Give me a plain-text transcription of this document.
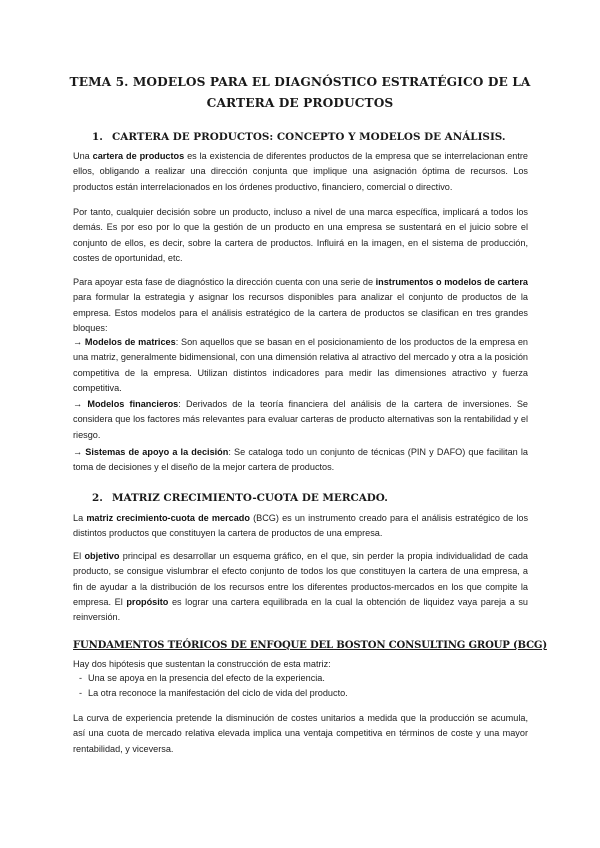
TEMA 5. MODELOS PARA EL DIAGNÓSTICO ESTRATÉGICO DE LA
CARTERA DE PRODUCTOS
1. CARTERA DE PRODUCTOS: CONCEPTO Y MODELOS DE ANÁLISIS.
Una cartera de productos es la existencia de diferentes productos de la empresa que se interrelacionan entre ellos, obligando a realizar una dirección conjunta que implique una asignación óptima de recursos. Los productos están interrelacionados en los órdenes productivo, financiero, comercial o directivo.
Por tanto, cualquier decisión sobre un producto, incluso a nivel de una marca específica, implicará a todos los demás. Es por eso por lo que la gestión de un producto en una empresa se sustentará en el juicio sobre el conjunto de ellos, es decir, sobre la cartera de productos. Influirá en la imagen, en el sistema de producción, costes de oportunidad, etc.
Para apoyar esta fase de diagnóstico la dirección cuenta con una serie de instrumentos o modelos de cartera para formular la estrategia y asignar los recursos disponibles para analizar el conjunto de productos de la empresa. Estos modelos para el análisis estratégico de la cartera de productos se clasifican en tres grandes bloques:
→ Modelos de matrices: Son aquellos que se basan en el posicionamiento de los productos de la empresa en una matriz, generalmente bidimensional, con una dimensión relativa al atractivo del mercado y otra a la posición competitiva de la empresa. Utilizan distintos indicadores para medir las dimensiones atractivo y fuerza competitiva.
→ Modelos financieros: Derivados de la teoría financiera del análisis de la cartera de inversiones. Se considera que los factores más relevantes para evaluar carteras de producto alternativas son la rentabilidad y el riesgo.
→ Sistemas de apoyo a la decisión: Se cataloga todo un conjunto de técnicas (PIN y DAFO) que facilitan la toma de decisiones y el diseño de la mejor cartera de productos.
2. MATRIZ CRECIMIENTO-CUOTA DE MERCADO.
La matriz crecimiento-cuota de mercado (BCG) es un instrumento creado para el análisis estratégico de los distintos productos que constituyen la cartera de productos de una empresa.
El objetivo principal es desarrollar un esquema gráfico, en el que, sin perder la propia individualidad de cada producto, se consigue vislumbrar el efecto conjunto de todos los que constituyen la cartera de una empresa, a fin de ayudar a la distribución de los recursos entre los diferentes productos-mercados en los que compite la empresa. El propósito es lograr una cartera equilibrada en la cual la obtención de liquidez vaya pareja a su reinversión.
FUNDAMENTOS TEÓRICOS DE ENFOQUE DEL BOSTON CONSULTING GROUP (BCG)
Hay dos hipótesis que sustentan la construcción de esta matriz:
- Una se apoya en la presencia del efecto de la experiencia.
- La otra reconoce la manifestación del ciclo de vida del producto.
La curva de experiencia pretende la disminución de costes unitarios a medida que la producción se acumula, así una cuota de mercado relativa elevada implica una ventaja competitiva en términos de coste y una mayor rentabilidad, y viceversa.
